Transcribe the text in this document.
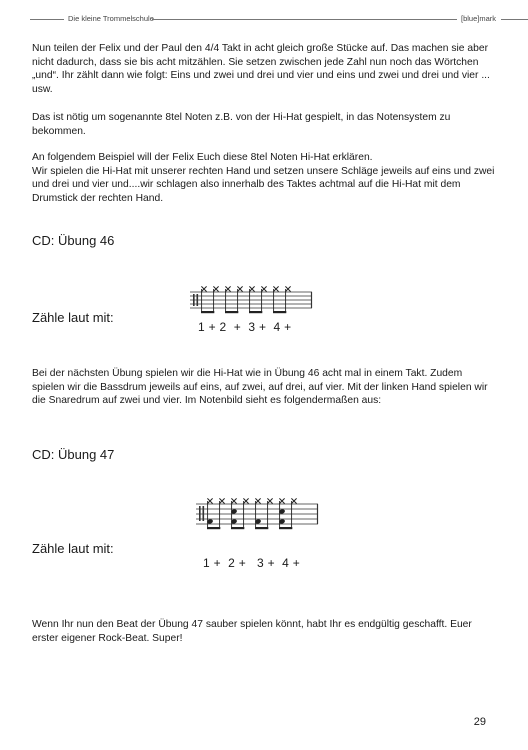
Die kleine Trommelschule	[blue]mark

Nun teilen der Felix und der Paul den 4/4 Takt in acht gleich große Stücke auf. Das machen sie aber nicht dadurch, dass sie bis acht mitzählen. Sie setzen zwischen jede Zahl nun noch das Wörtchen „und“. Ihr zählt dann wie folgt: Eins und zwei und drei und vier und eins und zwei und drei und vier ... usw.

Das ist nötig um sogenannte 8tel Noten z.B. von der Hi-Hat gespielt, in das Notensystem zu bekommen.

An folgendem Beispiel will der Felix Euch diese 8tel Noten Hi-Hat erklären.
Wir spielen die Hi-Hat mit unserer rechten Hand und setzen unsere Schläge jeweils auf eins und zwei und drei und vier und....wir schlagen also innerhalb des Taktes achtmal auf die Hi-Hat mit dem Drumstick der rechten Hand.

CD: Übung 46

Zähle laut mit:

1 + 2  +  3 +  4 +

Bei der nächsten Übung spielen wir die Hi-Hat wie in Übung 46 acht mal in einem Takt. Zudem spielen wir die Bassdrum jeweils auf eins, auf zwei, auf drei, auf vier. Mit der linken Hand spielen wir die Snaredrum auf zwei und vier. Im Notenbild sieht es folgendermaßen aus:

CD: Übung 47

Zähle laut mit:

1 +  2 +   3 +  4 +

Wenn Ihr nun den Beat der Übung 47 sauber spielen könnt, habt Ihr es endgültig geschafft. Euer erster eigener Rock-Beat. Super!

29
